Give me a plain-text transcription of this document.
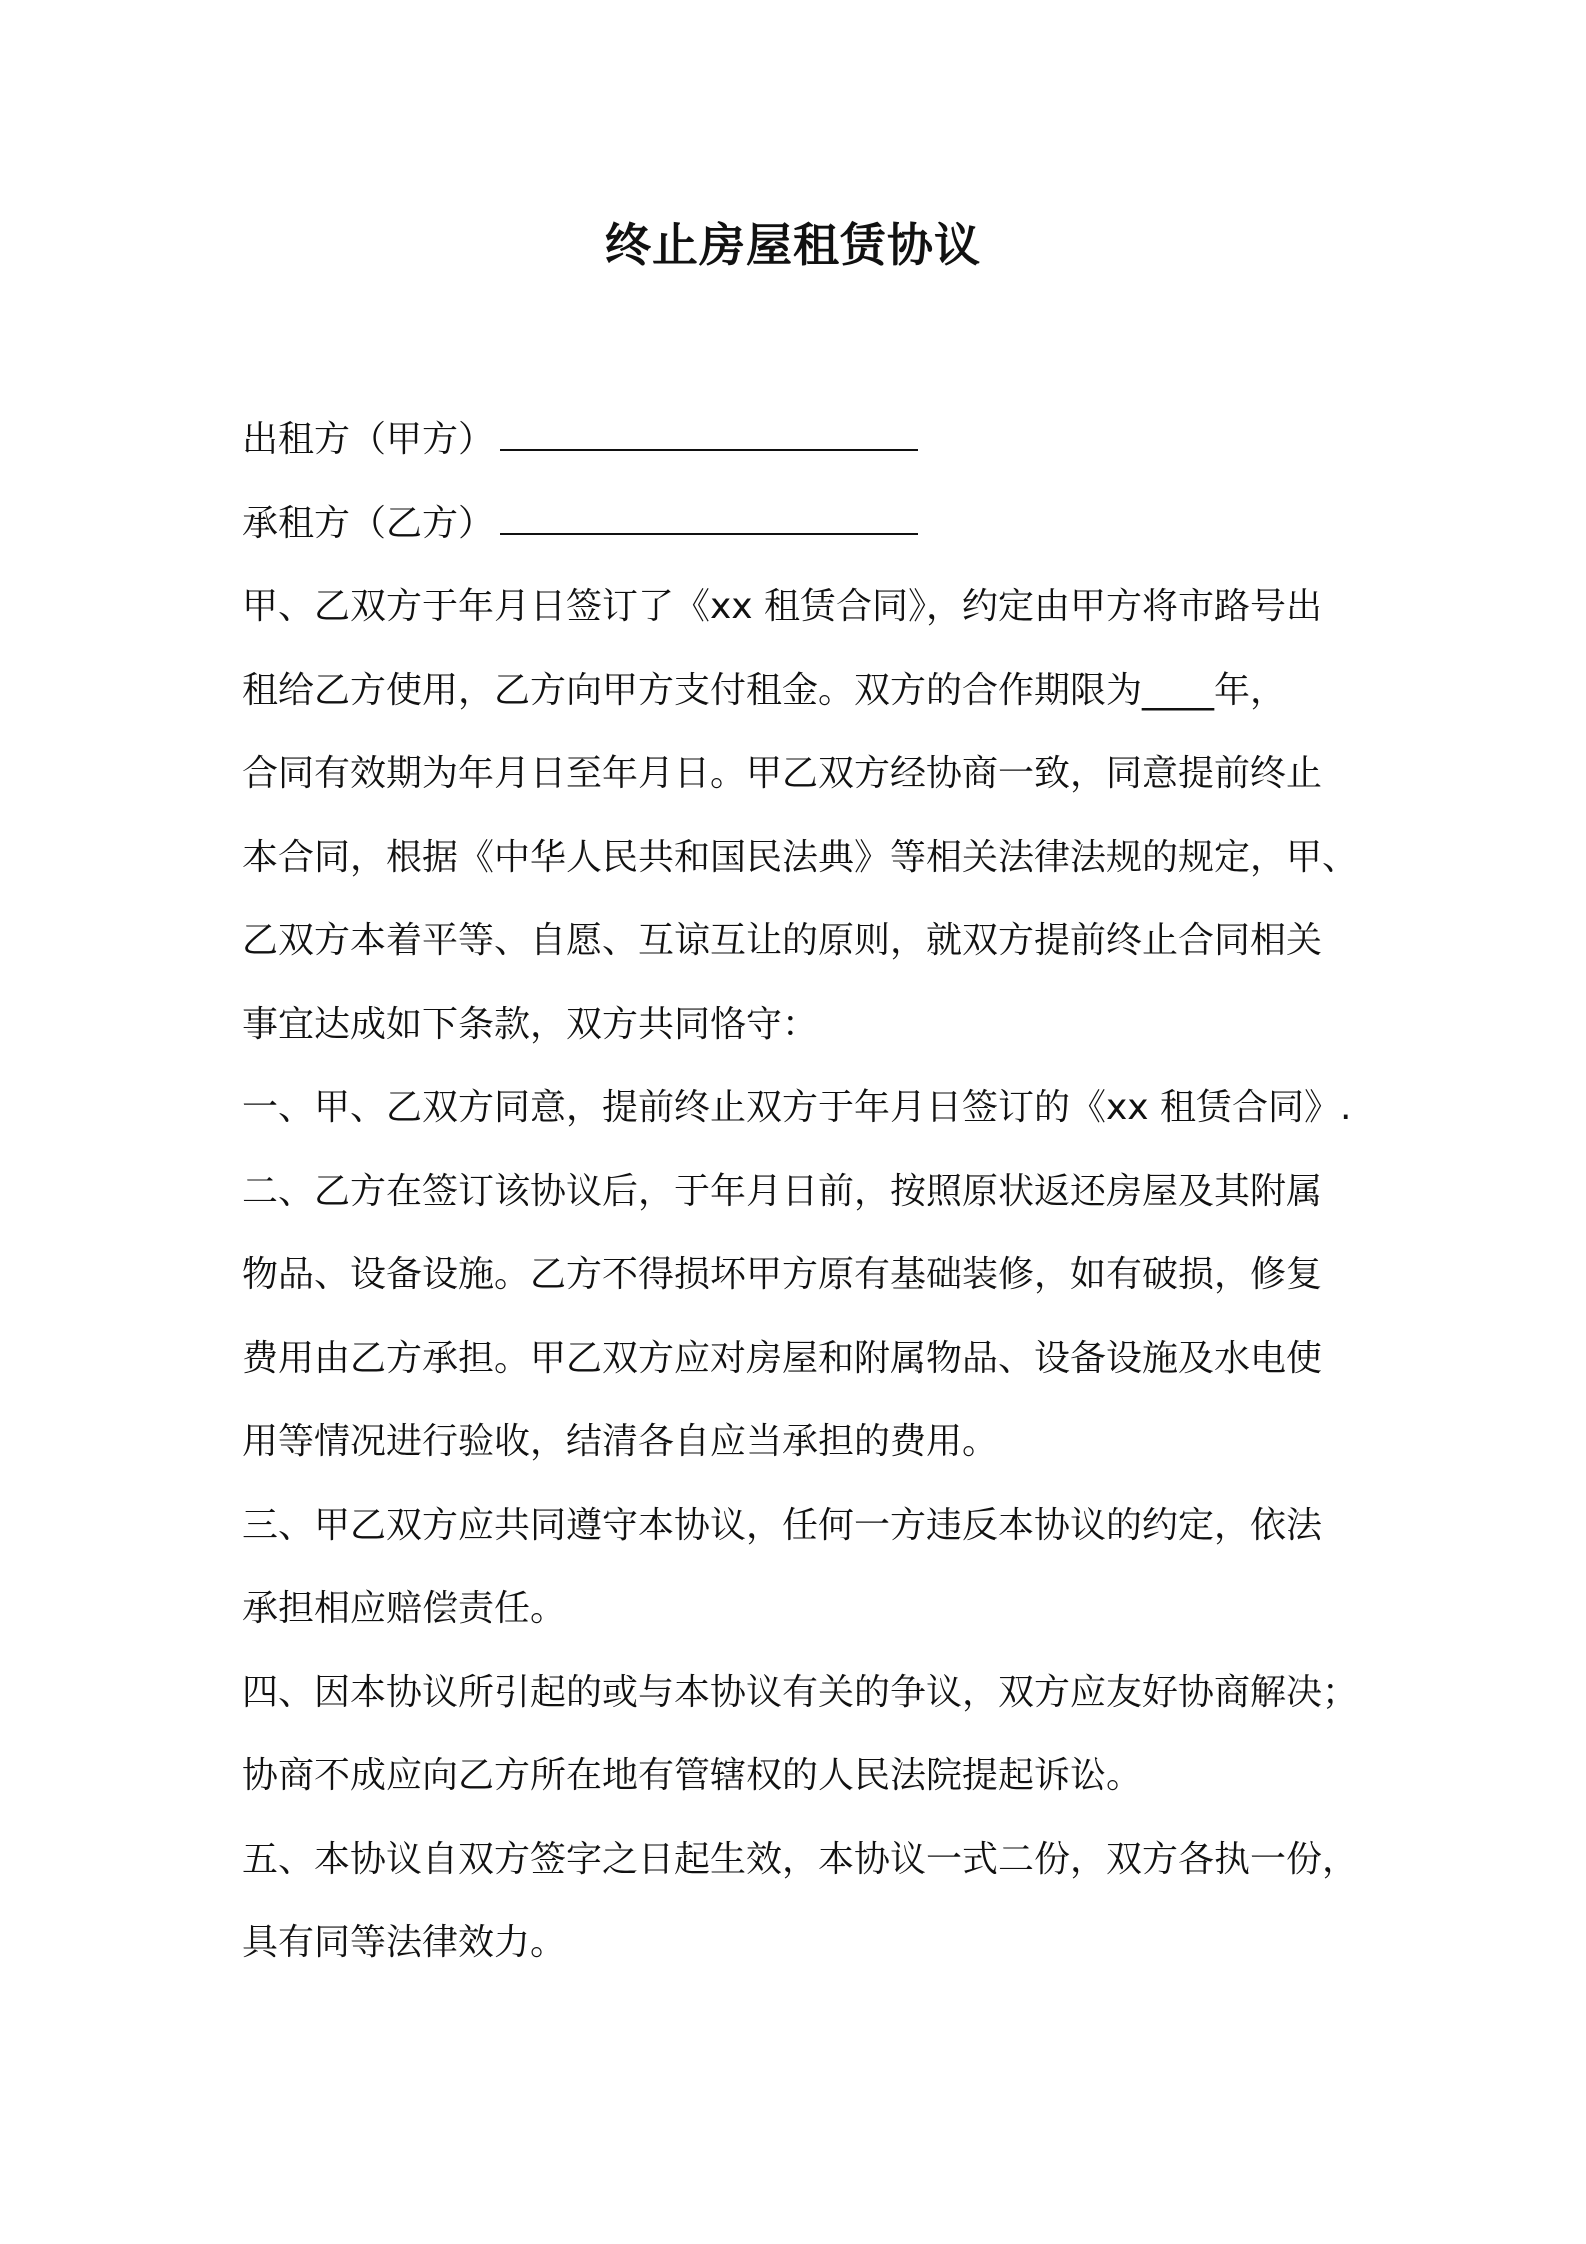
终止房屋租赁协议
出租方（甲方）
承租方（乙方）
甲、乙双方于年月日签订了《xx 租赁合同》，约定由甲方将市路号出
租给乙方使用，乙方向甲方支付租金。双方的合作期限为____年，
合同有效期为年月日至年月日。甲乙双方经协商一致，同意提前终止
本合同，根据《中华人民共和国民法典》等相关法律法规的规定，甲、
乙双方本着平等、自愿、互谅互让的原则，就双方提前终止合同相关
事宜达成如下条款，双方共同恪守：
一、甲、乙双方同意，提前终止双方于年月日签订的《xx 租赁合同》.
二、乙方在签订该协议后，于年月日前，按照原状返还房屋及其附属
物品、设备设施。乙方不得损坏甲方原有基础装修，如有破损，修复
费用由乙方承担。甲乙双方应对房屋和附属物品、设备设施及水电使
用等情况进行验收，结清各自应当承担的费用。
三、甲乙双方应共同遵守本协议，任何一方违反本协议的约定，依法
承担相应赔偿责任。
四、因本协议所引起的或与本协议有关的争议，双方应友好协商解决；
协商不成应向乙方所在地有管辖权的人民法院提起诉讼。
五、本协议自双方签字之日起生效，本协议一式二份，双方各执一份，
具有同等法律效力。
